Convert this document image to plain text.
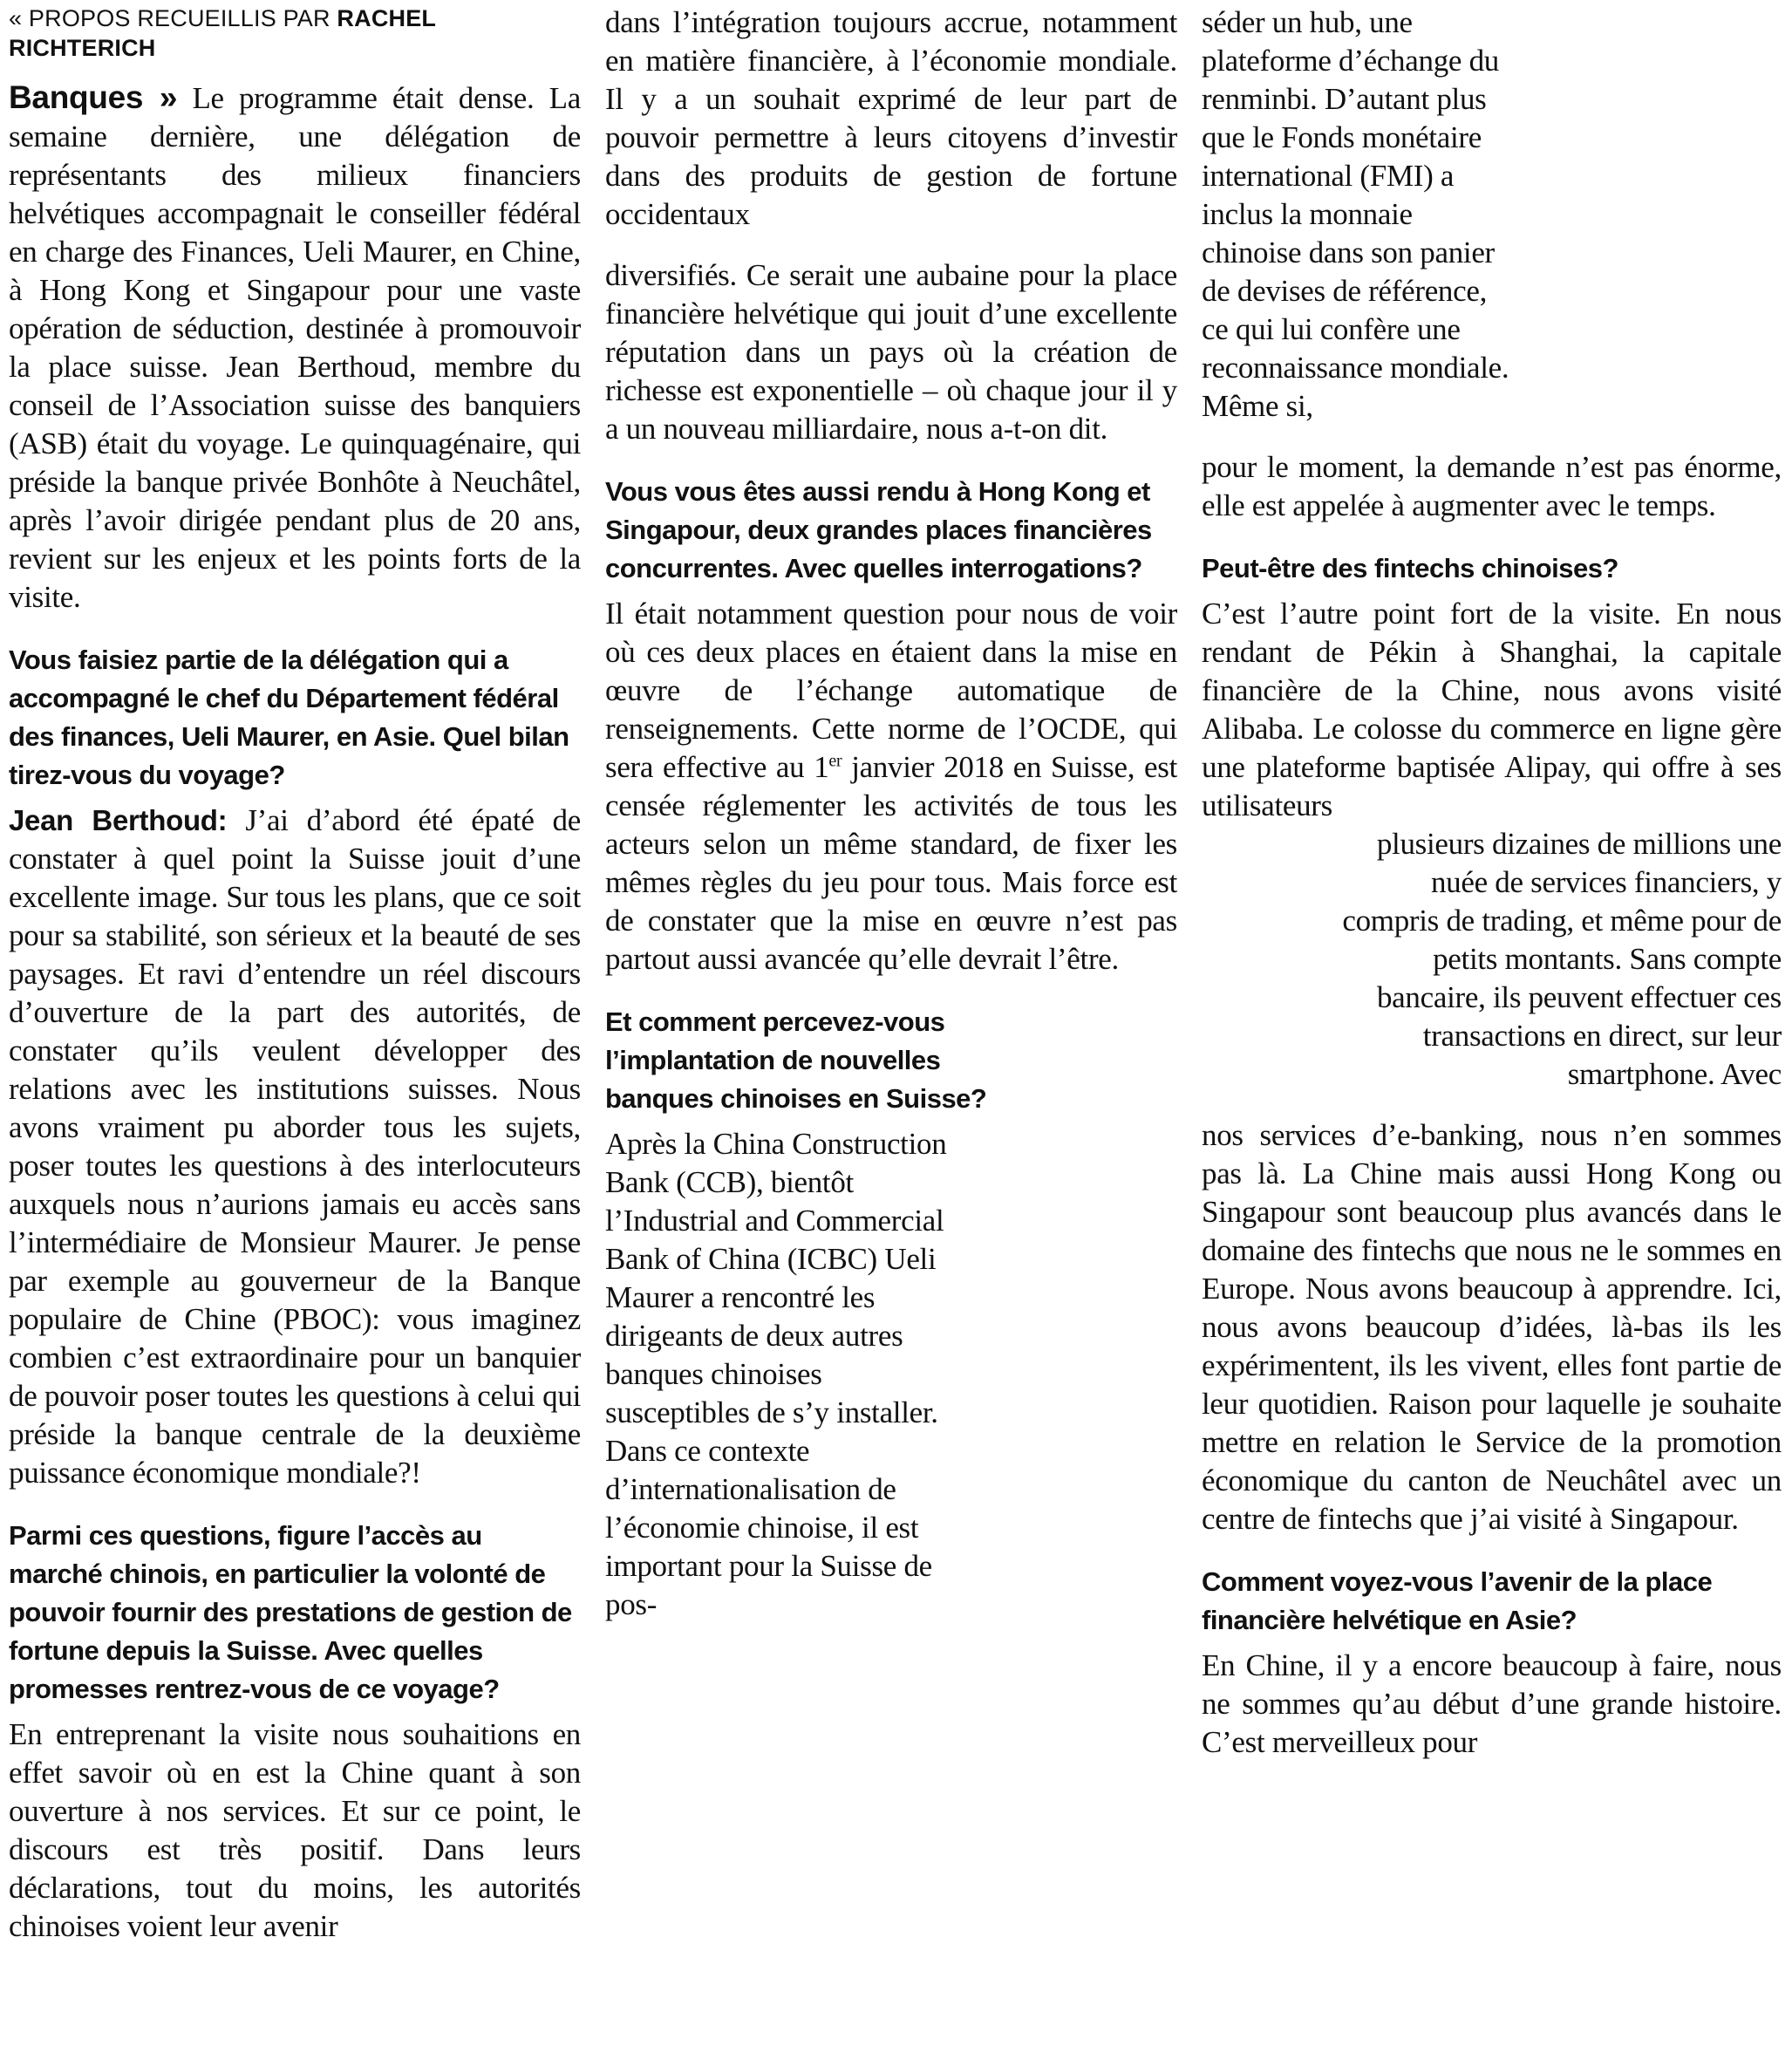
« PROPOS RECUEILLIS PAR RACHEL RICHTERICH

Banques » Le programme était dense. La semaine dernière, une délégation de représentants des milieux financiers helvétiques accompagnait le conseiller fédéral en charge des Finances, Ueli Maurer, en Chine, à Hong Kong et Singapour pour une vaste opération de séduction, destinée à promouvoir la place suisse. Jean Berthoud, membre du conseil de l’Association suisse des banquiers (ASB) était du voyage. Le quinquagénaire, qui préside la banque privée Bonhôte à Neuchâtel, après l’avoir dirigée pendant plus de 20 ans, revient sur les enjeux et les points forts de la visite.

Vous faisiez partie de la délégation qui a accompagné le chef du Département fédéral des finances, Ueli Maurer, en Asie. Quel bilan tirez-vous du voyage?

Jean Berthoud: J’ai d’abord été épaté de constater à quel point la Suisse jouit d’une excellente image. Sur tous les plans, que ce soit pour sa stabilité, son sérieux et la beauté de ses paysages. Et ravi d’entendre un réel discours d’ouverture de la part des autorités, de constater qu’ils veulent développer des relations avec les institutions suisses. Nous avons vraiment pu aborder tous les sujets, poser toutes les questions à des interlocuteurs auxquels nous n’aurions jamais eu accès sans l’intermédiaire de Monsieur Maurer. Je pense par exemple au gouverneur de la Banque populaire de Chine (PBOC): vous imaginez combien c’est extraordinaire pour un banquier de pouvoir poser toutes les questions à celui qui préside la banque centrale de la deuxième puissance économique mondiale?!

Parmi ces questions, figure l’accès au marché chinois, en particulier la volonté de pouvoir fournir des prestations de gestion de fortune depuis la Suisse. Avec quelles promesses rentrez-vous de ce voyage?

En entreprenant la visite nous souhaitions en effet savoir où en est la Chine quant à son ouverture à nos services. Et sur ce point, le discours est très positif. Dans leurs déclarations, tout du moins, les autorités chinoises voient leur avenir

dans l’intégration toujours accrue, notamment en matière financière, à l’économie mondiale. Il y a un souhait exprimé de leur part de pouvoir permettre à leurs citoyens d’investir dans des produits de gestion de fortune occidentaux

diversifiés. Ce serait une aubaine pour la place financière helvétique qui jouit d’une excellente réputation dans un pays où la création de richesse est exponentielle – où chaque jour il y a un nouveau milliardaire, nous a-t-on dit.

Vous vous êtes aussi rendu à Hong Kong et Singapour, deux grandes places financières concurrentes. Avec quelles interrogations?

Il était notamment question pour nous de voir où ces deux places en étaient dans la mise en œuvre de l’échange automatique de renseignements. Cette norme de l’OCDE, qui sera effective au 1er janvier 2018 en Suisse, est censée réglementer les activités de tous les acteurs selon un même standard, de fixer les mêmes règles du jeu pour tous. Mais force est de constater que la mise en œuvre n’est pas partout aussi avancée qu’elle devrait l’être.

Et comment percevez-vous l’implantation de nouvelles banques chinoises en Suisse?

Après la China Construction Bank (CCB), bientôt l’Industrial and Commercial Bank of China (ICBC) Ueli Maurer a rencontré les dirigeants de deux autres banques chinoises susceptibles de s’y installer. Dans ce contexte d’internationalisation de l’économie chinoise, il est important pour la Suisse de pos-

séder un hub, une plateforme d’échange du renminbi. D’autant plus que le Fonds monétaire international (FMI) a inclus la monnaie chinoise dans son panier de devises de référence, ce qui lui confère une reconnaissance mondiale. Même si,

pour le moment, la demande n’est pas énorme, elle est appelée à augmenter avec le temps.

Peut-être des fintechs chinoises?

C’est l’autre point fort de la visite. En nous rendant de Pékin à Shanghai, la capitale financière de la Chine, nous avons visité Alibaba. Le colosse du commerce en ligne gère une plateforme baptisée Alipay, qui offre à ses utilisateurs

plusieurs dizaines de millions une nuée de services financiers, y compris de trading, et même pour de petits montants. Sans compte bancaire, ils peuvent effectuer ces transactions en direct, sur leur smartphone. Avec

nos services d’e-banking, nous n’en sommes pas là. La Chine mais aussi Hong Kong ou Singapour sont beaucoup plus avancés dans le domaine des fintechs que nous ne le sommes en Europe. Nous avons beaucoup à apprendre. Ici, nous avons beaucoup d’idées, là-bas ils les expérimentent, ils les vivent, elles font partie de leur quotidien. Raison pour laquelle je souhaite mettre en relation le Service de la promotion économique du canton de Neuchâtel avec un centre de fintechs que j’ai visité à Singapour.

Comment voyez-vous l’avenir de la place financière helvétique en Asie?

En Chine, il y a encore beaucoup à faire, nous ne sommes qu’au début d’une grande histoire. C’est merveilleux pour
